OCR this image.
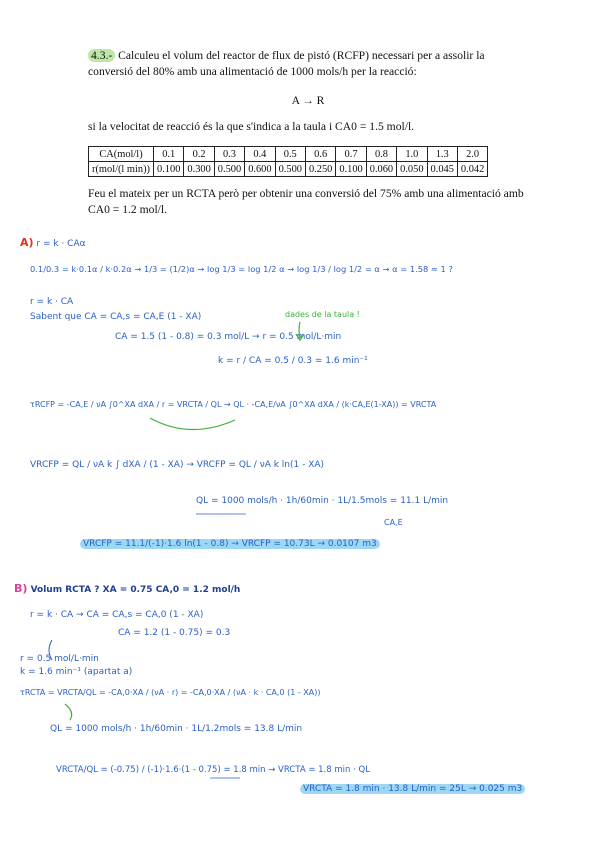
4.3.- Calculeu el volum del reactor de flux de pistó (RCFP) necessari per a assolir la conversió del 80% amb una alimentació de 1000 mols/h per la reacció:
A → R
si la velocitat de reacció és la que s'indica a la taula i CA0 = 1.5 mol/l.
CA(mol/l)	0.1	0.2	0.3	0.4	0.5	0.6	0.7	0.8	1.0	1.3	2.0
r(mol/(l min))	0.100	0.300	0.500	0.600	0.500	0.250	0.100	0.060	0.050	0.045	0.042
Feu el mateix per un RCTA però per obtenir una conversió del 75% amb una alimentació amb CA0 = 1.2 mol/l.
A) r = k · CAα
0.1/0.3 = k·0.1α / k·0.2α → 1/3 = (1/2)α → log 1/3 = log 1/2 α → log 1/3 / log 1/2 = α → α = 1.58 ≈ 1 ?
r = k · CA
Sabent que CA = CA,s = CA,E (1 - XA)	dades de la taula !
CA = 1.5 (1 - 0.8) = 0.3 mol/L → r = 0.5 mol/L·min
k = r / CA = 0.5 / 0.3 = 1.6 min⁻¹
τRCFP = -CA,E / νA ∫0^XA dXA / r = VRCTA / QL → QL · -CA,E/νA ∫0^XA dXA / (k·CA,E(1-XA)) = VRCTA
VRCFP = QL / νA k ∫ dXA / (1 - XA) → VRCFP = QL / νA k ln(1 - XA)
QL = 1000 mols/h · 1h/60min · 1L/1.5mols = 11.1 L/min
CA,E
VRCFP = 11.1/(-1)·1.6 ln(1 - 0.8) → VRCFP = 10.73L → 0.0107 m3
B) Volum RCTA ? XA = 0.75 CA,0 = 1.2 mol/h
r = k · CA → CA = CA,s = CA,0 (1 - XA)
CA = 1.2 (1 - 0.75) = 0.3
r = 0.5 mol/L·min
k = 1.6 min⁻¹ (apartat a)
τRCTA = VRCTA/QL = -CA,0·XA / (νA · r) = -CA,0·XA / (νA · k · CA,0 (1 - XA))
QL = 1000 mols/h · 1h/60min · 1L/1.2mols = 13.8 L/min
VRCTA/QL = (-0.75) / (-1)·1.6·(1 - 0.75) = 1.8 min → VRCTA = 1.8 min · QL
VRCTA = 1.8 min · 13.8 L/min = 25L → 0.025 m3
